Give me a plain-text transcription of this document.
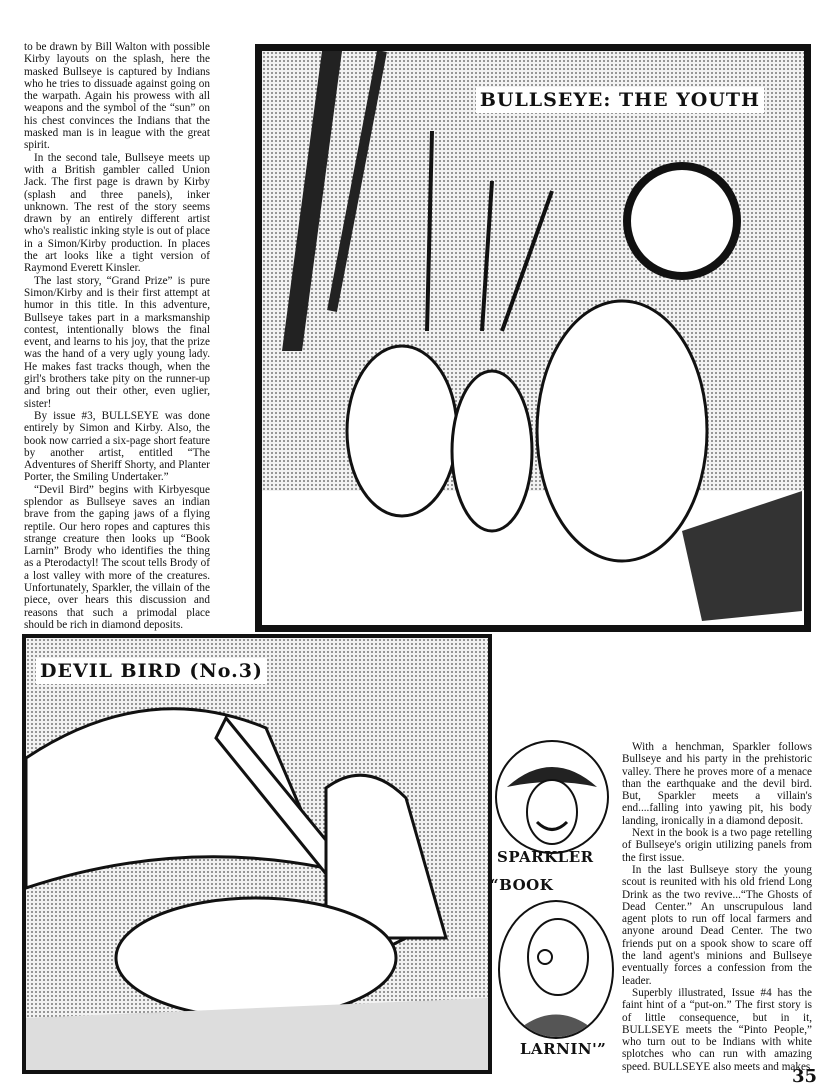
to be drawn by Bill Walton with possible Kirby layouts on the splash, here the masked Bullseye is captured by Indians who he tries to dissuade against going on the warpath. Again his prowess with all weapons and the symbol of the “sun” on his chest convinces the Indians that the masked man is in league with the great spirit.

In the second tale, Bullseye meets up with a British gambler called Union Jack. The first page is drawn by Kirby (splash and three panels), inker unknown. The rest of the story seems drawn by an entirely different artist who's realistic inking style is out of place in a Simon/Kirby production. In places the art looks like a tight version of Raymond Everett Kinsler.

The last story, “Grand Prize” is pure Simon/Kirby and is their first attempt at humor in this title. In this adventure, Bullseye takes part in a marksmanship contest, intentionally blows the final event, and learns to his joy, that the prize was the hand of a very ugly young lady. He makes fast tracks though, when the girl's brothers take pity on the runner-up and bring out their other, even uglier, sister!

By issue #3, BULLSEYE was done entirely by Simon and Kirby. Also, the book now carried a six-page short feature by another artist, entitled “The Adventures of Sheriff Shorty, and Planter Porter, the Smiling Undertaker.”

“Devil Bird” begins with Kirbyesque splendor as Bullseye saves an indian brave from the gaping jaws of a flying reptile. Our hero ropes and captures this strange creature then looks up “Book Larnin” Brody who identifies the thing as a Pterodactyl! The scout tells Brody of a lost valley with more of the creatures. Unfortunately, Sparkler, the villain of the piece, over hears this discussion and reasons that such a primodal place should be rich in diamond deposits.

BULLSEYE: THE YOUTH
DEVIL BIRD (No.3)
SPARKLER
“BOOK
LARNIN'”

With a henchman, Sparkler follows Bullseye and his party in the prehistoric valley. There he proves more of a menace than the earthquake and the devil bird. But, Sparkler meets a villain's end....falling into yawing pit, his body landing, ironically in a diamond deposit.

Next in the book is a two page retelling of Bullseye's origin utilizing panels from the first issue.

In the last Bullseye story the young scout is reunited with his old friend Long Drink as the two revive...“The Ghosts of Dead Center.” An unscrupulous land agent plots to run off local farmers and anyone around Dead Center. The two friends put on a spook show to scare off the land agent's minions and Bullseye eventually forces a confession from the leader.

Superbly illustrated, Issue #4 has the faint hint of a “put-on.” The first story is of little consequence, but in it, BULLSEYE meets the “Pinto People,” who turn out to be Indians with white splotches who can run with amazing speed. BULLSEYE also meets and makes

35
